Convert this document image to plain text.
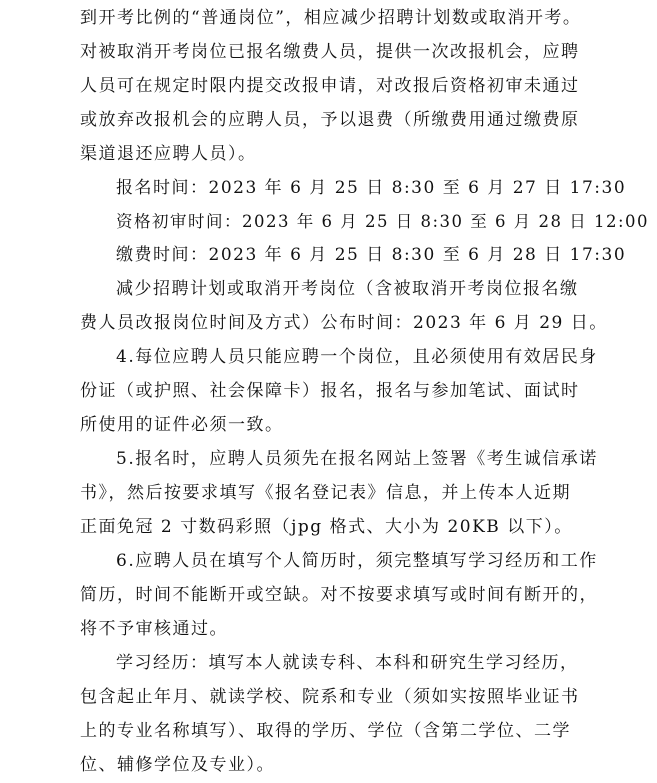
到开考比例的“普通岗位”，相应减少招聘计划数或取消开考。
对被取消开考岗位已报名缴费人员，提供一次改报机会，应聘
人员可在规定时限内提交改报申请，对改报后资格初审未通过
或放弃改报机会的应聘人员，予以退费（所缴费用通过缴费原
渠道退还应聘人员）。
报名时间：2023 年 6 月 25 日 8:30 至 6 月 27 日 17:30
资格初审时间：2023 年 6 月 25 日 8:30 至 6 月 28 日 12:00
缴费时间：2023 年 6 月 25 日 8:30 至 6 月 28 日 17:30
减少招聘计划或取消开考岗位（含被取消开考岗位报名缴
费人员改报岗位时间及方式）公布时间：2023 年 6 月 29 日。
4.每位应聘人员只能应聘一个岗位，且必须使用有效居民身
份证（或护照、社会保障卡）报名，报名与参加笔试、面试时
所使用的证件必须一致。
5.报名时，应聘人员须先在报名网站上签署《考生诚信承诺
书》，然后按要求填写《报名登记表》信息，并上传本人近期
正面免冠 2 寸数码彩照（jpg 格式、大小为 20KB 以下）。
6.应聘人员在填写个人简历时，须完整填写学习经历和工作
简历，时间不能断开或空缺。对不按要求填写或时间有断开的，
将不予审核通过。
学习经历：填写本人就读专科、本科和研究生学习经历，
包含起止年月、就读学校、院系和专业（须如实按照毕业证书
上的专业名称填写）、取得的学历、学位（含第二学位、二学
位、辅修学位及专业）。
